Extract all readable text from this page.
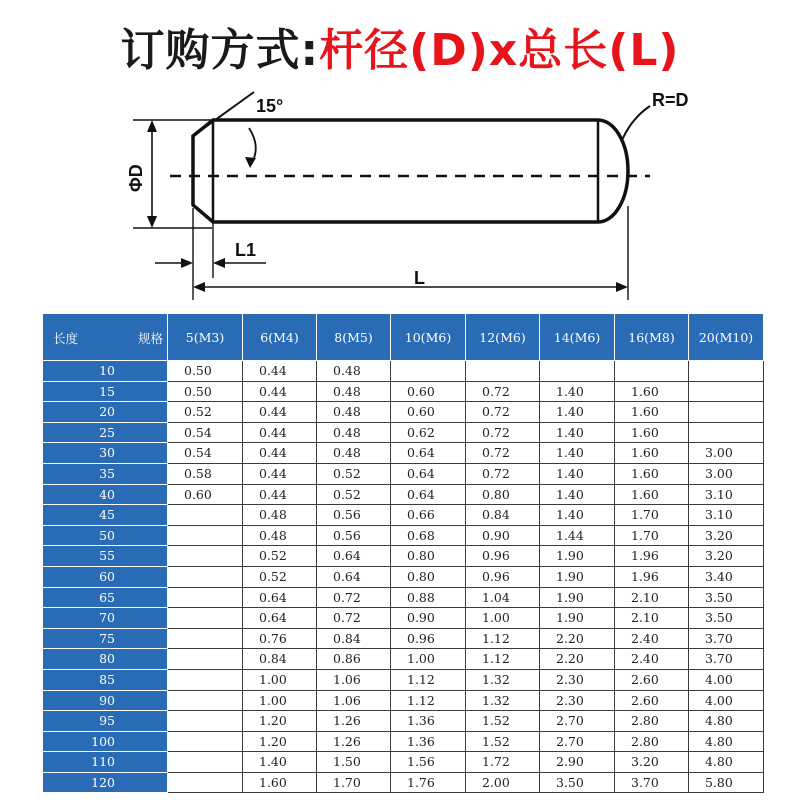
订购方式:杆径(D)x总长(L)
15°	R=D
ΦD
L1
L
长度 规格	5(M3)	6(M4)	8(M5)	10(M6)	12(M6)	14(M6)	16(M8)	20(M10)
10	0.50	0.44	0.48					
15	0.50	0.44	0.48	0.60	0.72	1.40	1.60	
20	0.52	0.44	0.48	0.60	0.72	1.40	1.60	
25	0.54	0.44	0.48	0.62	0.72	1.40	1.60	
30	0.54	0.44	0.48	0.64	0.72	1.40	1.60	3.00
35	0.58	0.44	0.52	0.64	0.72	1.40	1.60	3.00
40	0.60	0.44	0.52	0.64	0.80	1.40	1.60	3.10
45		0.48	0.56	0.66	0.84	1.40	1.70	3.10
50		0.48	0.56	0.68	0.90	1.44	1.70	3.20
55		0.52	0.64	0.80	0.96	1.90	1.96	3.20
60		0.52	0.64	0.80	0.96	1.90	1.96	3.40
65		0.64	0.72	0.88	1.04	1.90	2.10	3.50
70		0.64	0.72	0.90	1.00	1.90	2.10	3.50
75		0.76	0.84	0.96	1.12	2.20	2.40	3.70
80		0.84	0.86	1.00	1.12	2.20	2.40	3.70
85		1.00	1.06	1.12	1.32	2.30	2.60	4.00
90		1.00	1.06	1.12	1.32	2.30	2.60	4.00
95		1.20	1.26	1.36	1.52	2.70	2.80	4.80
100		1.20	1.26	1.36	1.52	2.70	2.80	4.80
110		1.40	1.50	1.56	1.72	2.90	3.20	4.80
120		1.60	1.70	1.76	2.00	3.50	3.70	5.80
